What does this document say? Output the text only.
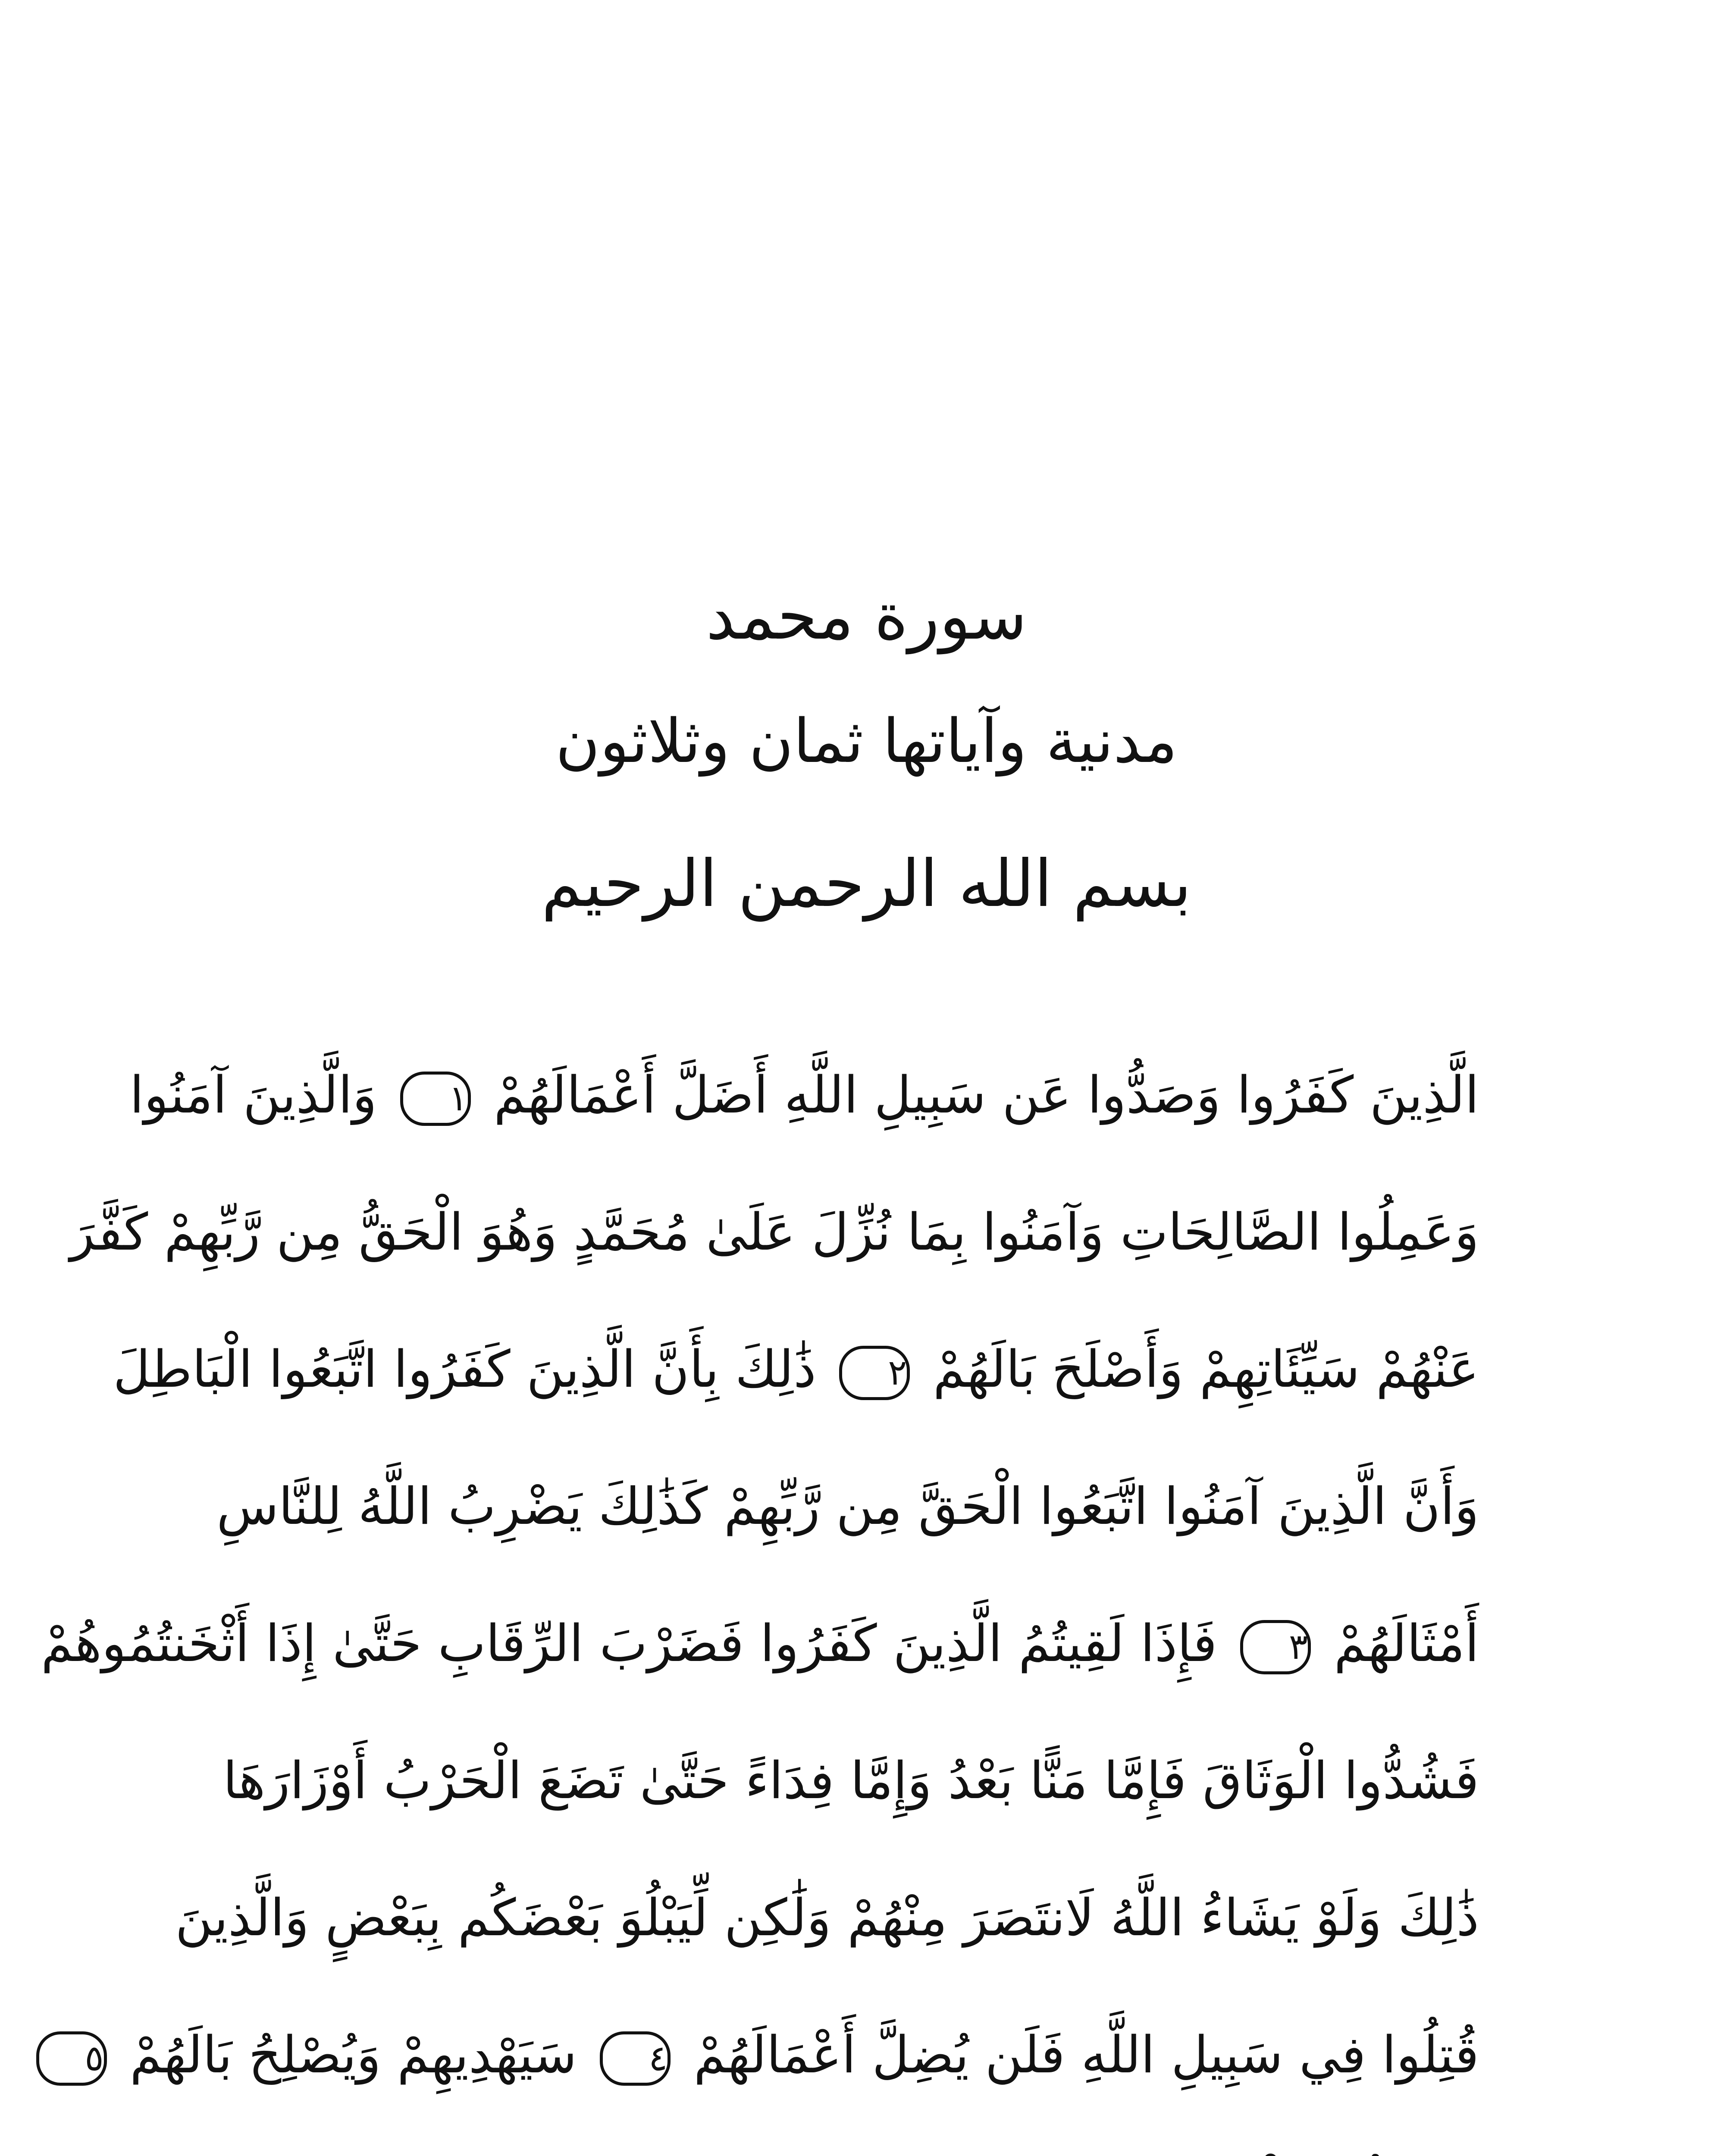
سورة محمد
مدنية وآياتها ثمان وثلاثون
بسم الله الرحمن الرحيم
الَّذِينَ كَفَرُوا وَصَدُّوا عَن سَبِيلِ اللَّهِ أَضَلَّ أَعْمَالَهُمْ ١ وَالَّذِينَ آمَنُوا
وَعَمِلُوا الصَّالِحَاتِ وَآمَنُوا بِمَا نُزِّلَ عَلَىٰ مُحَمَّدٍ وَهُوَ الْحَقُّ مِن رَّبِّهِمْ كَفَّرَ
عَنْهُمْ سَيِّئَاتِهِمْ وَأَصْلَحَ بَالَهُمْ ٢ ذَٰلِكَ بِأَنَّ الَّذِينَ كَفَرُوا اتَّبَعُوا الْبَاطِلَ
وَأَنَّ الَّذِينَ آمَنُوا اتَّبَعُوا الْحَقَّ مِن رَّبِّهِمْ كَذَٰلِكَ يَضْرِبُ اللَّهُ لِلنَّاسِ
أَمْثَالَهُمْ ٣ فَإِذَا لَقِيتُمُ الَّذِينَ كَفَرُوا فَضَرْبَ الرِّقَابِ حَتَّىٰ إِذَا أَثْخَنتُمُوهُمْ
فَشُدُّوا الْوَثَاقَ فَإِمَّا مَنًّا بَعْدُ وَإِمَّا فِدَاءً حَتَّىٰ تَضَعَ الْحَرْبُ أَوْزَارَهَا
ذَٰلِكَ وَلَوْ يَشَاءُ اللَّهُ لَانتَصَرَ مِنْهُمْ وَلَٰكِن لِّيَبْلُوَ بَعْضَكُم بِبَعْضٍ وَالَّذِينَ
قُتِلُوا فِي سَبِيلِ اللَّهِ فَلَن يُضِلَّ أَعْمَالَهُمْ ٤ سَيَهْدِيهِمْ وَيُصْلِحُ بَالَهُمْ ٥
